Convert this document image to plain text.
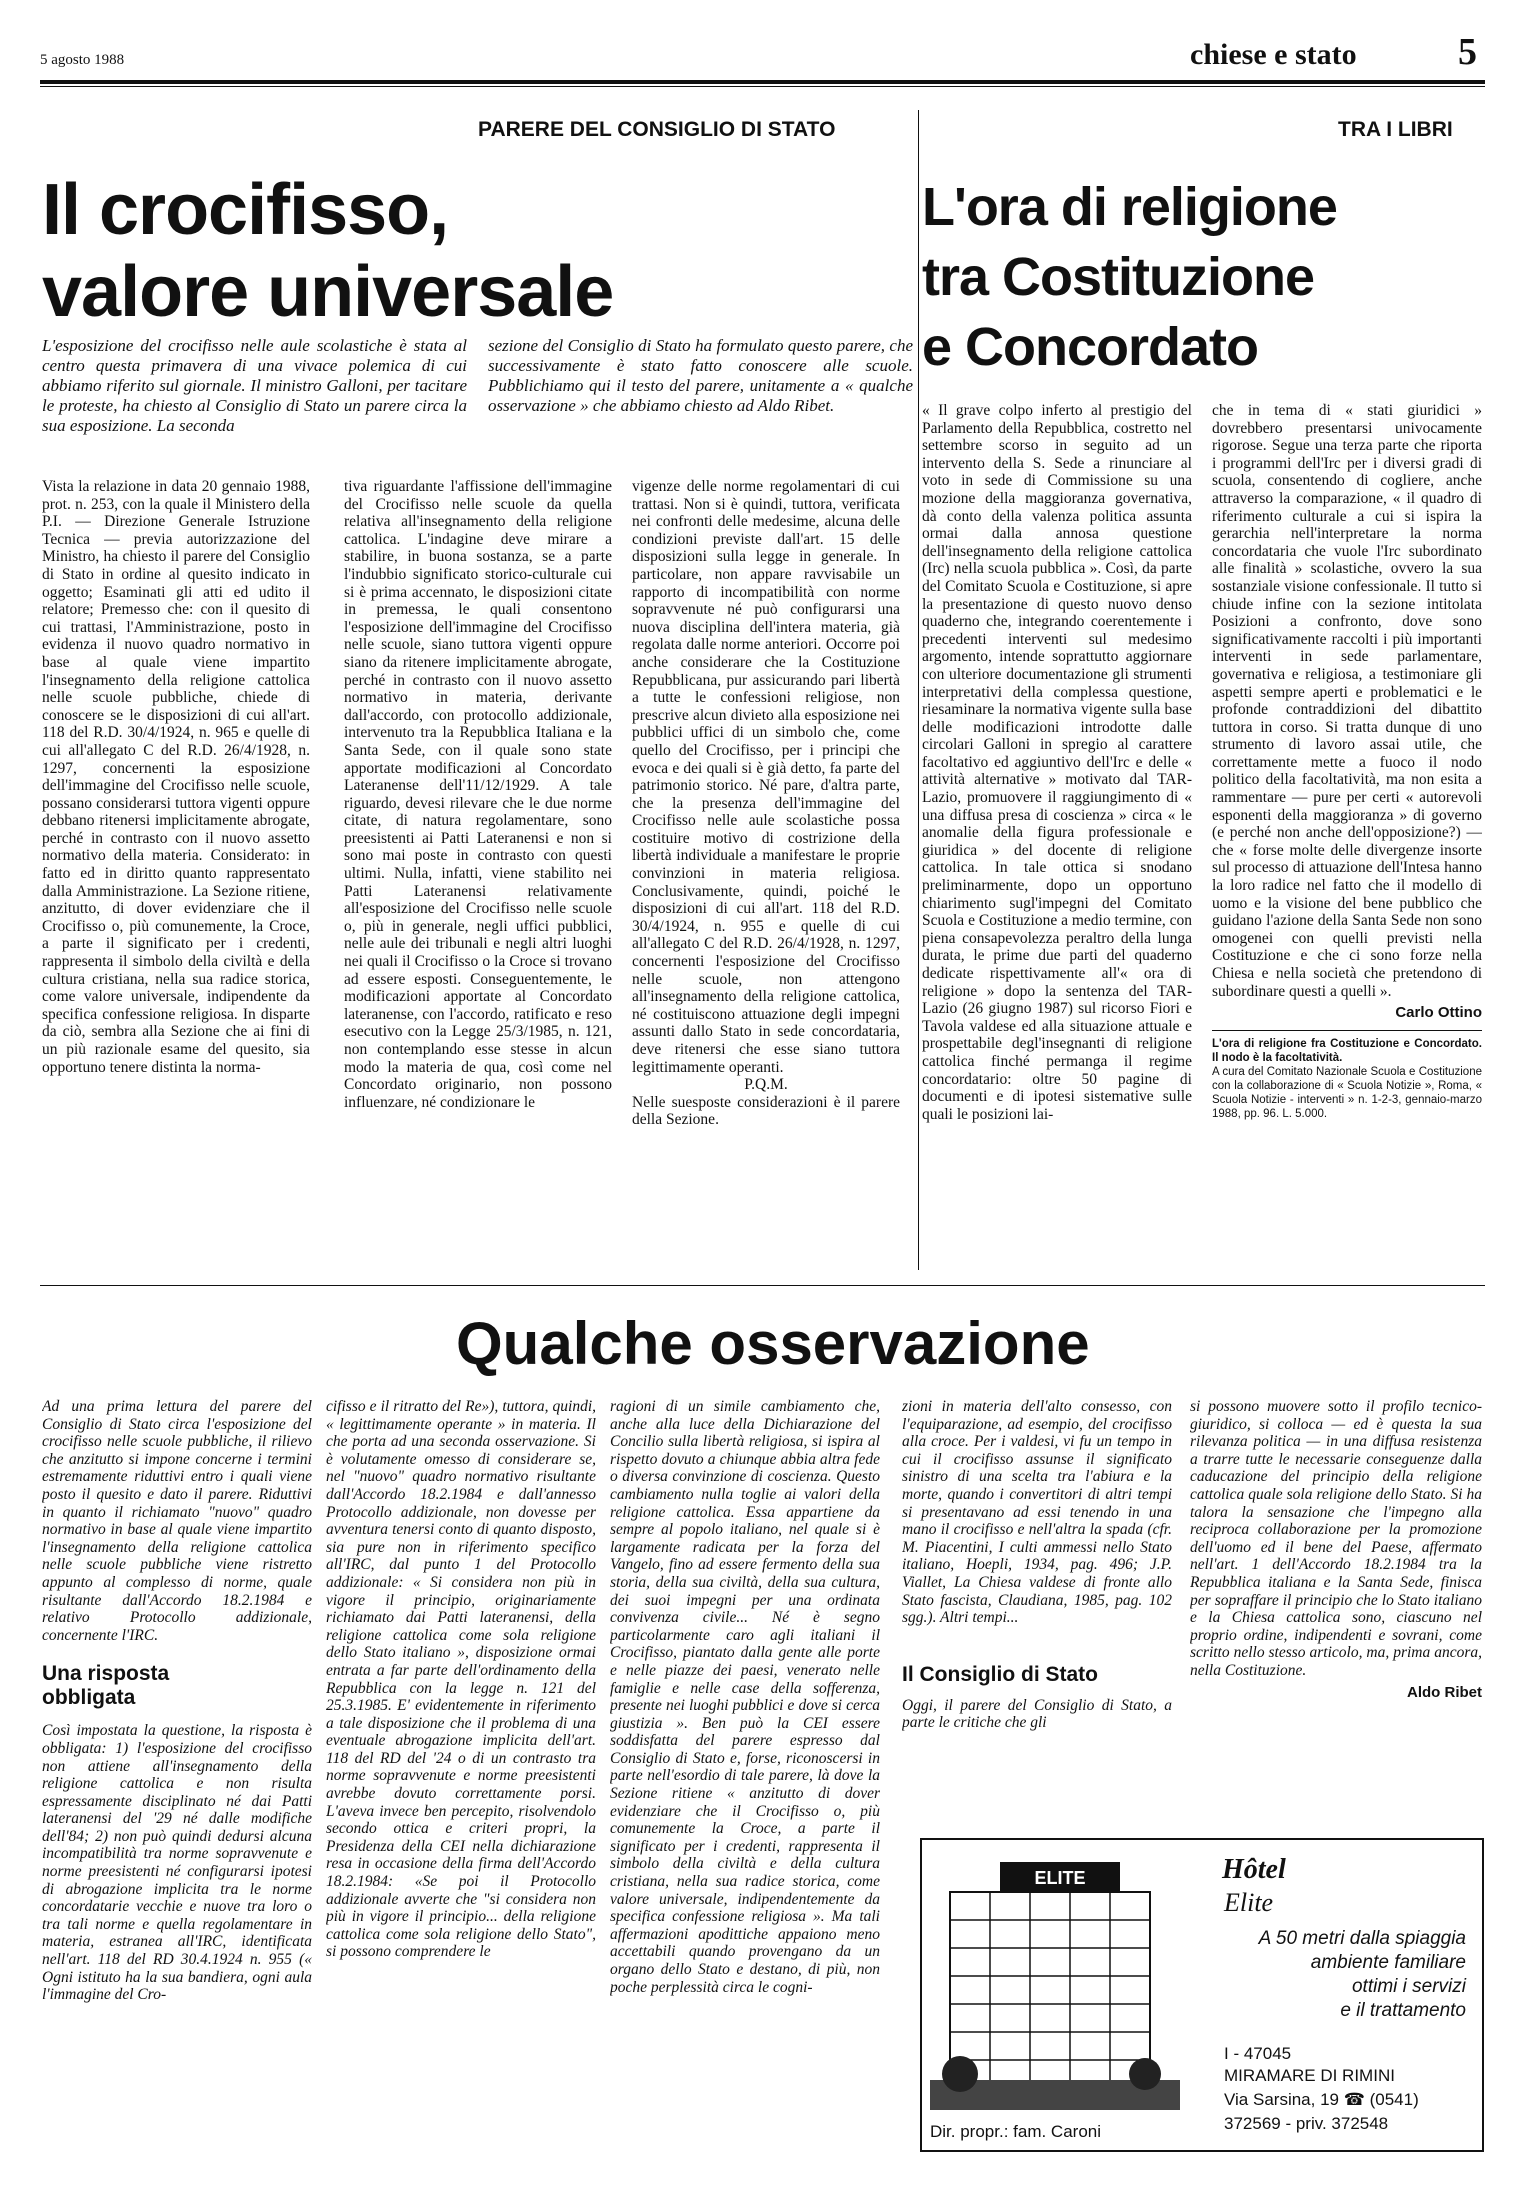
5 agosto 1988	chiese e stato	5
PARERE DEL CONSIGLIO DI STATO
Il crocifisso,
valore universale
L'esposizione del crocifisso nelle aule scolastiche è stata al centro questa primavera di una vivace polemica di cui abbiamo riferito sul giornale. Il ministro Galloni, per tacitare le proteste, ha chiesto al Consiglio di Stato un parere circa la sua esposizione. La seconda
sezione del Consiglio di Stato ha formulato questo parere, che successivamente è stato fatto conoscere alle scuole. Pubblichiamo qui il testo del parere, unitamente a « qualche osservazione » che abbiamo chiesto ad Aldo Ribet.
Vista la relazione in data 20 gennaio 1988, prot. n. 253, con la quale il Ministero della P.I. — Direzione Generale Istruzione Tecnica — previa autorizzazione del Ministro, ha chiesto il parere del Consiglio di Stato in ordine al quesito indicato in oggetto; Esaminati gli atti ed udito il relatore; Premesso che: con il quesito di cui trattasi, l'Amministrazione, posto in evidenza il nuovo quadro normativo in base al quale viene impartito l'insegnamento della religione cattolica nelle scuole pubbliche, chiede di conoscere se le disposizioni di cui all'art. 118 del R.D. 30/4/1924, n. 965 e quelle di cui all'allegato C del R.D. 26/4/1928, n. 1297, concernenti la esposizione dell'immagine del Crocifisso nelle scuole, possano considerarsi tuttora vigenti oppure debbano ritenersi implicitamente abrogate, perché in contrasto con il nuovo assetto normativo della materia. Considerato: in fatto ed in diritto quanto rappresentato dalla Amministrazione. La Sezione ritiene, anzitutto, di dover evidenziare che il Crocifisso o, più comunemente, la Croce, a parte il significato per i credenti, rappresenta il simbolo della civiltà e della cultura cristiana, nella sua radice storica, come valore universale, indipendente da specifica confessione religiosa. In disparte da ciò, sembra alla Sezione che ai fini di un più razionale esame del quesito, sia opportuno tenere distinta la norma-
tiva riguardante l'affissione dell'immagine del Crocifisso nelle scuole da quella relativa all'insegnamento della religione cattolica. L'indagine deve mirare a stabilire, in buona sostanza, se a parte l'indubbio significato storico-culturale cui si è prima accennato, le disposizioni citate in premessa, le quali consentono l'esposizione dell'immagine del Crocifisso nelle scuole, siano tuttora vigenti oppure siano da ritenere implicitamente abrogate, perché in contrasto con il nuovo assetto normativo in materia, derivante dall'accordo, con protocollo addizionale, intervenuto tra la Repubblica Italiana e la Santa Sede, con il quale sono state apportate modificazioni al Concordato Lateranense dell'11/12/1929. A tale riguardo, devesi rilevare che le due norme citate, di natura regolamentare, sono preesistenti ai Patti Lateranensi e non si sono mai poste in contrasto con questi ultimi. Nulla, infatti, viene stabilito nei Patti Lateranensi relativamente all'esposizione del Crocifisso nelle scuole o, più in generale, negli uffici pubblici, nelle aule dei tribunali e negli altri luoghi nei quali il Crocifisso o la Croce si trovano ad essere esposti. Conseguentemente, le modificazioni apportate al Concordato lateranense, con l'accordo, ratificato e reso esecutivo con la Legge 25/3/1985, n. 121, non contemplando esse stesse in alcun modo la materia de qua, così come nel Concordato originario, non possono influenzare, né condizionare le
vigenze delle norme regolamentari di cui trattasi. Non si è quindi, tuttora, verificata nei confronti delle medesime, alcuna delle condizioni previste dall'art. 15 delle disposizioni sulla legge in generale. In particolare, non appare ravvisabile un rapporto di incompatibilità con norme sopravvenute né può configurarsi una nuova disciplina dell'intera materia, già regolata dalle norme anteriori. Occorre poi anche considerare che la Costituzione Repubblicana, pur assicurando pari libertà a tutte le confessioni religiose, non prescrive alcun divieto alla esposizione nei pubblici uffici di un simbolo che, come quello del Crocifisso, per i principi che evoca e dei quali si è già detto, fa parte del patrimonio storico. Né pare, d'altra parte, che la presenza dell'immagine del Crocifisso nelle aule scolastiche possa costituire motivo di costrizione della libertà individuale a manifestare le proprie convinzioni in materia religiosa. Conclusivamente, quindi, poiché le disposizioni di cui all'art. 118 del R.D. 30/4/1924, n. 955 e quelle di cui all'allegato C del R.D. 26/4/1928, n. 1297, concernenti l'esposizione del Crocifisso nelle scuole, non attengono all'insegnamento della religione cattolica, né costituiscono attuazione degli impegni assunti dallo Stato in sede concordataria, deve ritenersi che esse siano tuttora legittimamente operanti.
P.Q.M.
Nelle suesposte considerazioni è il parere della Sezione.
TRA I LIBRI
L'ora di religione
tra Costituzione
e Concordato
« Il grave colpo inferto al prestigio del Parlamento della Repubblica, costretto nel settembre scorso in seguito ad un intervento della S. Sede a rinunciare al voto in sede di Commissione su una mozione della maggioranza governativa, dà conto della valenza politica assunta ormai dalla annosa questione dell'insegnamento della religione cattolica (Irc) nella scuola pubblica ». Così, da parte del Comitato Scuola e Costituzione, si apre la presentazione di questo nuovo denso quaderno che, integrando coerentemente i precedenti interventi sul medesimo argomento, intende soprattutto aggiornare con ulteriore documentazione gli strumenti interpretativi della complessa questione, riesaminare la normativa vigente sulla base delle modificazioni introdotte dalle circolari Galloni in spregio al carattere facoltativo ed aggiuntivo dell'Irc e delle « attività alternative » motivato dal TAR-Lazio, promuovere il raggiungimento di « una diffusa presa di coscienza » circa « le anomalie della figura professionale e giuridica » del docente di religione cattolica. In tale ottica si snodano preliminarmente, dopo un opportuno chiarimento sugl'impegni del Comitato Scuola e Costituzione a medio termine, con piena consapevolezza peraltro della lunga durata, le prime due parti del quaderno dedicate rispettivamente all'« ora di religione » dopo la sentenza del TAR-Lazio (26 giugno 1987) sul ricorso Fiori e Tavola valdese ed alla situazione attuale e prospettabile degl'insegnanti di religione cattolica finché permanga il regime concordatario: oltre 50 pagine di documenti e di ipotesi sistemative sulle quali le posizioni lai-
che in tema di « stati giuridici » dovrebbero presentarsi univocamente rigorose. Segue una terza parte che riporta i programmi dell'Irc per i diversi gradi di scuola, consentendo di cogliere, anche attraverso la comparazione, « il quadro di riferimento culturale a cui si ispira la gerarchia nell'interpretare la norma concordataria che vuole l'Irc subordinato alle finalità » scolastiche, ovvero la sua sostanziale visione confessionale. Il tutto si chiude infine con la sezione intitolata Posizioni a confronto, dove sono significativamente raccolti i più importanti interventi in sede parlamentare, governativa e religiosa, a testimoniare gli aspetti sempre aperti e problematici e le profonde contraddizioni del dibattito tuttora in corso. Si tratta dunque di uno strumento di lavoro assai utile, che correttamente mette a fuoco il nodo politico della facoltatività, ma non esita a rammentare — pure per certi « autorevoli esponenti della maggioranza » di governo (e perché non anche dell'opposizione?) — che « forse molte delle divergenze insorte sul processo di attuazione dell'Intesa hanno la loro radice nel fatto che il modello di uomo e la visione del bene pubblico che guidano l'azione della Santa Sede non sono omogenei con quelli previsti nella Costituzione e che ci sono forze nella Chiesa e nella società che pretendono di subordinare questi a quelli ».
Carlo Ottino
L'ora di religione fra Costituzione e Concordato. Il nodo è la facoltatività.
A cura del Comitato Nazionale Scuola e Costituzione con la collaborazione di « Scuola Notizie », Roma, « Scuola Notizie - interventi » n. 1-2-3, gennaio-marzo 1988, pp. 96. L. 5.000.
Qualche osservazione
Ad una prima lettura del parere del Consiglio di Stato circa l'esposizione del crocifisso nelle scuole pubbliche, il rilievo che anzitutto si impone concerne i termini estremamente riduttivi entro i quali viene posto il quesito e dato il parere. Riduttivi in quanto il richiamato "nuovo" quadro normativo in base al quale viene impartito l'insegnamento della religione cattolica nelle scuole pubbliche viene ristretto appunto al complesso di norme, quale risultante dall'Accordo 18.2.1984 e relativo Protocollo addizionale, concernente l'IRC.
Una risposta obbligata
Così impostata la questione, la risposta è obbligata: 1) l'esposizione del crocifisso non attiene all'insegnamento della religione cattolica e non risulta espressamente disciplinato né dai Patti lateranensi del '29 né dalle modifiche dell'84; 2) non può quindi dedursi alcuna incompatibilità tra norme sopravvenute e norme preesistenti né configurarsi ipotesi di abrogazione implicita tra le norme concordatarie vecchie e nuove tra loro o tra tali norme e quella regolamentare in materia, estranea all'IRC, identificata nell'art. 118 del RD 30.4.1924 n. 955 (« Ogni istituto ha la sua bandiera, ogni aula l'immagine del Cro-
cifisso e il ritratto del Re»), tuttora, quindi, « legittimamente operante » in materia. Il che porta ad una seconda osservazione. Si è volutamente omesso di considerare se, nel "nuovo" quadro normativo risultante dall'Accordo 18.2.1984 e dall'annesso Protocollo addizionale, non dovesse per avventura tenersi conto di quanto disposto, sia pure non in riferimento specifico all'IRC, dal punto 1 del Protocollo addizionale: « Si considera non più in vigore il principio, originariamente richiamato dai Patti lateranensi, della religione cattolica come sola religione dello Stato italiano », disposizione ormai entrata a far parte dell'ordinamento della Repubblica con la legge n. 121 del 25.3.1985. E' evidentemente in riferimento a tale disposizione che il problema di una eventuale abrogazione implicita dell'art. 118 del RD del '24 o di un contrasto tra norme sopravvenute e norme preesistenti avrebbe dovuto correttamente porsi. L'aveva invece ben percepito, risolvendolo secondo ottica e criteri propri, la Presidenza della CEI nella dichiarazione resa in occasione della firma dell'Accordo 18.2.1984: «Se poi il Protocollo addizionale avverte che "si considera non più in vigore il principio... della religione cattolica come sola religione dello Stato", si possono comprendere le
ragioni di un simile cambiamento che, anche alla luce della Dichiarazione del Concilio sulla libertà religiosa, si ispira al rispetto dovuto a chiunque abbia altra fede o diversa convinzione di coscienza. Questo cambiamento nulla toglie ai valori della religione cattolica. Essa appartiene da sempre al popolo italiano, nel quale si è largamente radicata per la forza del Vangelo, fino ad essere fermento della sua storia, della sua civiltà, della sua cultura, dei suoi impegni per una ordinata convivenza civile... Né è segno particolarmente caro agli italiani il Crocifisso, piantato dalla gente alle porte e nelle piazze dei paesi, venerato nelle famiglie e nelle case della sofferenza, presente nei luoghi pubblici e dove si cerca giustizia ». Ben può la CEI essere soddisfatta del parere espresso dal Consiglio di Stato e, forse, riconoscersi in parte nell'esordio di tale parere, là dove la Sezione ritiene « anzitutto di dover evidenziare che il Crocifisso o, più comunemente la Croce, a parte il significato per i credenti, rappresenta il simbolo della civiltà e della cultura cristiana, nella sua radice storica, come valore universale, indipendentemente da specifica confessione religiosa ». Ma tali affermazioni apodittiche appaiono meno accettabili quando provengano da un organo dello Stato e destano, di più, non poche perplessità circa le cogni-
zioni in materia dell'alto consesso, con l'equiparazione, ad esempio, del crocifisso alla croce. Per i valdesi, vi fu un tempo in cui il crocifisso assunse il significato sinistro di una scelta tra l'abiura e la morte, quando i convertitori di altri tempi si presentavano ad essi tenendo in una mano il crocifisso e nell'altra la spada (cfr. M. Piacentini, I culti ammessi nello Stato italiano, Hoepli, 1934, pag. 496; J.P. Viallet, La Chiesa valdese di fronte allo Stato fascista, Claudiana, 1985, pag. 102 sgg.). Altri tempi...
Il Consiglio di Stato
Oggi, il parere del Consiglio di Stato, a parte le critiche che gli
si possono muovere sotto il profilo tecnico-giuridico, si colloca — ed è questa la sua rilevanza politica — in una diffusa resistenza a trarre tutte le necessarie conseguenze dalla caducazione del principio della religione cattolica quale sola religione dello Stato. Si ha talora la sensazione che l'impegno alla reciproca collaborazione per la promozione dell'uomo ed il bene del Paese, affermato nell'art. 1 dell'Accordo 18.2.1984 tra la Repubblica italiana e la Santa Sede, finisca per sopraffare il principio che lo Stato italiano e la Chiesa cattolica sono, ciascuno nel proprio ordine, indipendenti e sovrani, come scritto nello stesso articolo, ma, prima ancora, nella Costituzione.
Aldo Ribet
ELITE	Hôtel
Elite
A 50 metri dalla spiaggia
ambiente familiare
ottimi i servizi
e il trattamento
I - 47045
MIRAMARE DI RIMINI
Via Sarsina, 19 ☎ (0541)
372569 - priv. 372548
Dir. propr.: fam. Caroni
